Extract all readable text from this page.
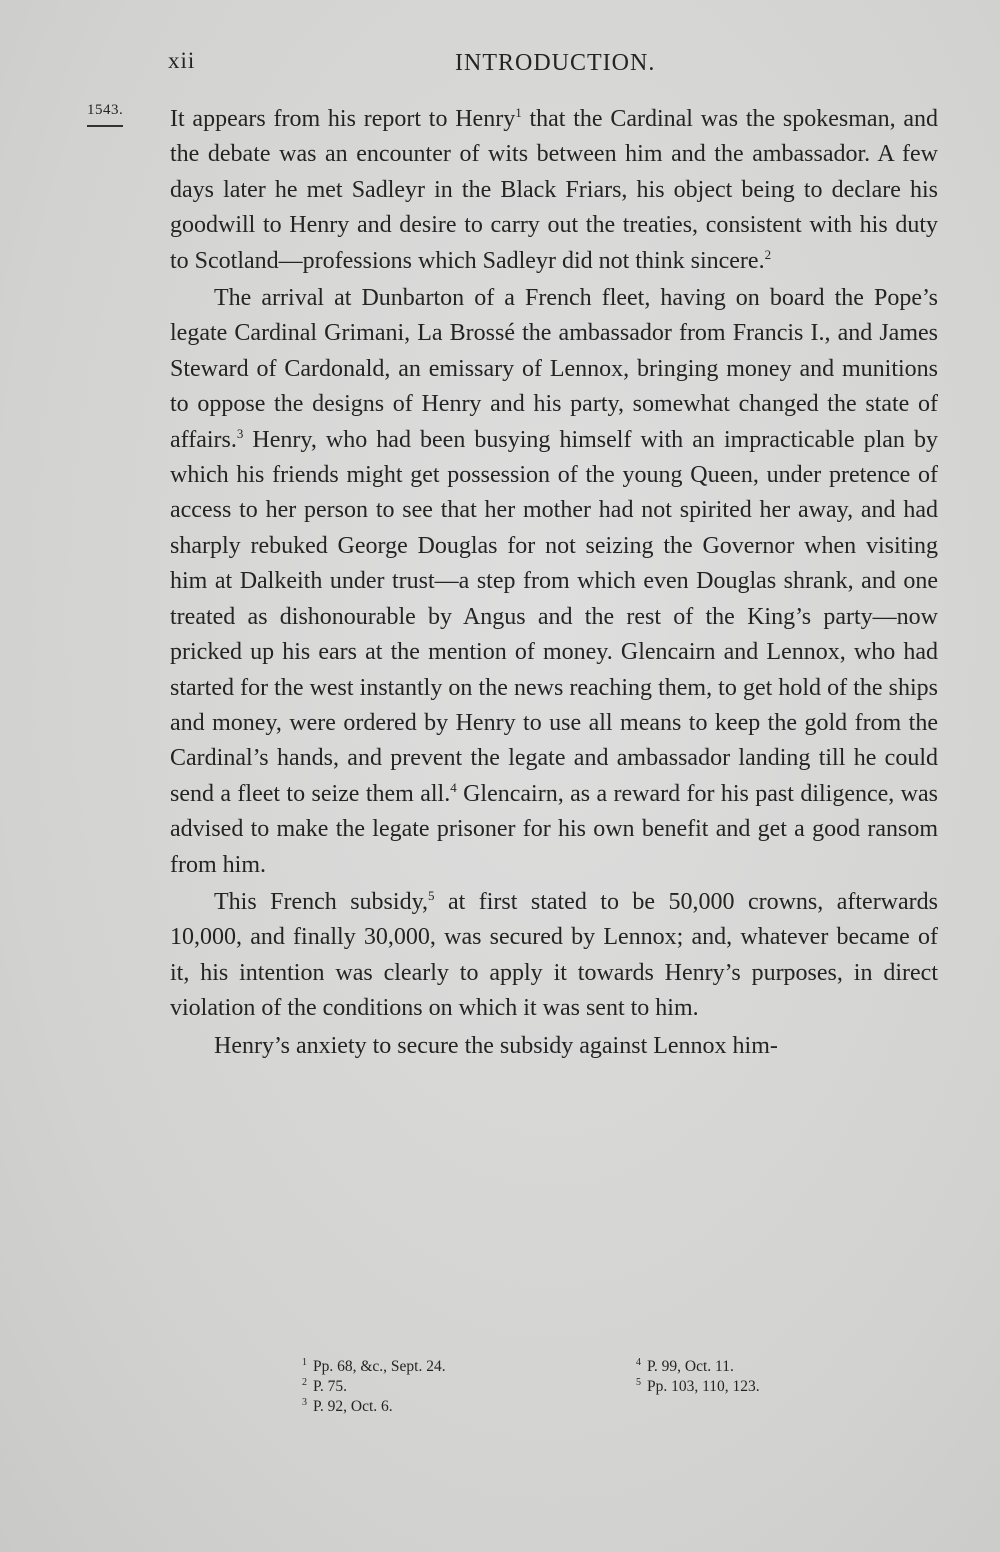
xii	INTRODUCTION.
1543. It appears from his report to Henry$^1$ that the Cardinal was the spokesman, and the debate was an encounter of wits between him and the ambassador. A few days later he met Sadleyr in the Black Friars, his object being to declare his goodwill to Henry and desire to carry out the treaties, consistent with his duty to Scotland—professions which Sadleyr did not think sincere.$^2$

The arrival at Dunbarton of a French fleet, having on board the Pope’s legate Cardinal Grimani, La Brossé the ambassador from Francis I., and James Steward of Cardonald, an emissary of Lennox, bringing money and munitions to oppose the designs of Henry and his party, somewhat changed the state of affairs.$^3$ Henry, who had been busying himself with an impracticable plan by which his friends might get possession of the young Queen, under pretence of access to her person to see that her mother had not spirited her away, and had sharply rebuked George Douglas for not seizing the Governor when visiting him at Dalkeith under trust—a step from which even Douglas shrank, and one treated as dishonourable by Angus and the rest of the King’s party—now pricked up his ears at the mention of money. Glencairn and Lennox, who had started for the west instantly on the news reaching them, to get hold of the ships and money, were ordered by Henry to use all means to keep the gold from the Cardinal’s hands, and prevent the legate and ambassador landing till he could send a fleet to seize them all.$^4$ Glencairn, as a reward for his past diligence, was advised to make the legate prisoner for his own benefit and get a good ransom from him.

This French subsidy,$^5$ at first stated to be 50,000 crowns, afterwards 10,000, and finally 30,000, was secured by Lennox; and, whatever became of it, his intention was clearly to apply it towards Henry’s purposes, in direct violation of the conditions on which it was sent to him.

Henry’s anxiety to secure the subsidy against Lennox him-

$^1$ Pp. 68, &c., Sept. 24.
$^2$ P. 75.
$^3$ P. 92, Oct. 6.
$^4$ P. 99, Oct. 11.
$^5$ Pp. 103, 110, 123.
